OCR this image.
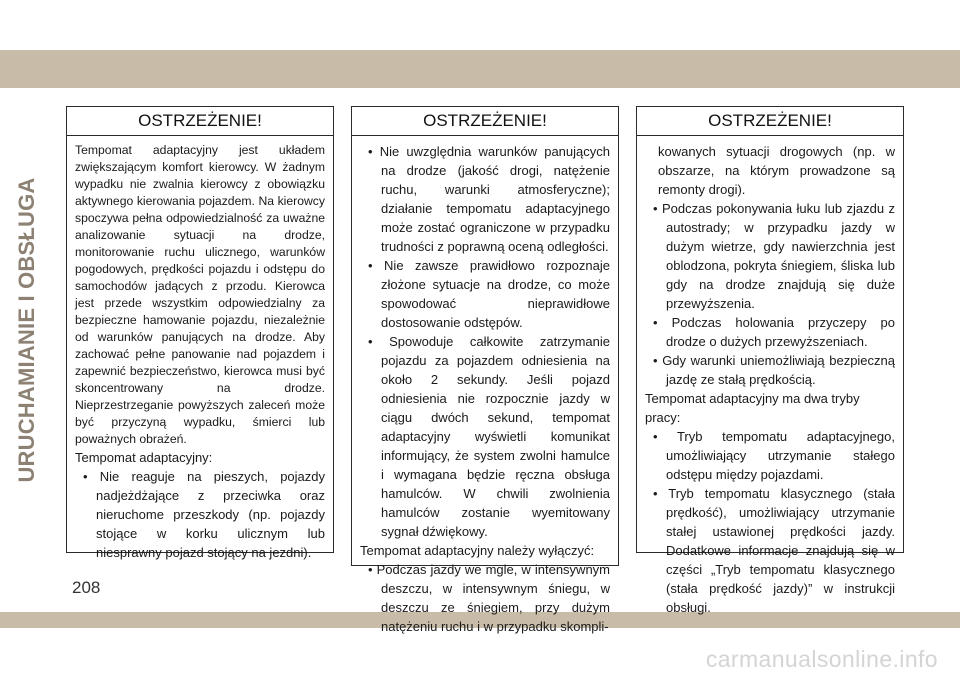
URUCHAMIANIE I OBSŁUGA
OSTRZEŻENIE!

Tempomat adaptacyjny jest układem zwiększającym komfort kierowcy. W żadnym wypadku nie zwalnia kierowcy z obowiązku aktywnego kierowania pojazdem. Na kierowcy spoczywa pełna odpowiedzialność za uważne analizowanie sytuacji na drodze, monitorowanie ruchu ulicznego, warunków pogodowych, prędkości pojazdu i odstępu do samochodów jadących z przodu. Kierowca jest przede wszystkim odpowiedzialny za bezpieczne hamowanie pojazdu, niezależnie od warunków panujących na drodze. Aby zachować pełne panowanie nad pojazdem i zapewnić bezpieczeństwo, kierowca musi być skoncentrowany na drodze. Nieprzestrzeganie powyższych zaleceń może być przyczyną wypadku, śmierci lub poważnych obrażeń.

Tempomat adaptacyjny:

• Nie reaguje na pieszych, pojazdy nadjeżdżające z przeciwka oraz nieruchome przeszkody (np. pojazdy stojące w korku ulicznym lub niesprawny pojazd stojący na jezdni).

OSTRZEŻENIE!

• Nie uwzględnia warunków panujących na drodze (jakość drogi, natężenie ruchu, warunki atmosferyczne); działanie tempomatu adaptacyjnego może zostać ograniczone w przypadku trudności z poprawną oceną odległości.

• Nie zawsze prawidłowo rozpoznaje złożone sytuacje na drodze, co może spowodować nieprawidłowe dostosowanie odstępów.

• Spowoduje całkowite zatrzymanie pojazdu za pojazdem odniesienia na około 2 sekundy. Jeśli pojazd odniesienia nie rozpocznie jazdy w ciągu dwóch sekund, tempomat adaptacyjny wyświetli komunikat informujący, że system zwolni hamulce i wymagana będzie ręczna obsługa hamulców. W chwili zwolnienia hamulców zostanie wyemitowany sygnał dźwiękowy.

Tempomat adaptacyjny należy wyłączyć:

• Podczas jazdy we mgle, w intensywnym deszczu, w intensywnym śniegu, w deszczu ze śniegiem, przy dużym natężeniu ruchu i w przypadku skompli-

OSTRZEŻENIE!

kowanych sytuacji drogowych (np. w obszarze, na którym prowadzone są remonty drogi).

• Podczas pokonywania łuku lub zjazdu z autostrady; w przypadku jazdy w dużym wietrze, gdy nawierzchnia jest oblodzona, pokryta śniegiem, śliska lub gdy na drodze znajdują się duże przewyższenia.

• Podczas holowania przyczepy po drodze o dużych przewyższeniach.

• Gdy warunki uniemożliwiają bezpieczną jazdę ze stałą prędkością.

Tempomat adaptacyjny ma dwa tryby pracy:

• Tryb tempomatu adaptacyjnego, umożliwiający utrzymanie stałego odstępu między pojazdami.

• Tryb tempomatu klasycznego (stała prędkość), umożliwiający utrzymanie stałej ustawionej prędkości jazdy. Dodatkowe informacje znajdują się w części „Tryb tempomatu klasycznego (stała prędkość jazdy)” w instrukcji obsługi.

208
carmanualsonline.info
